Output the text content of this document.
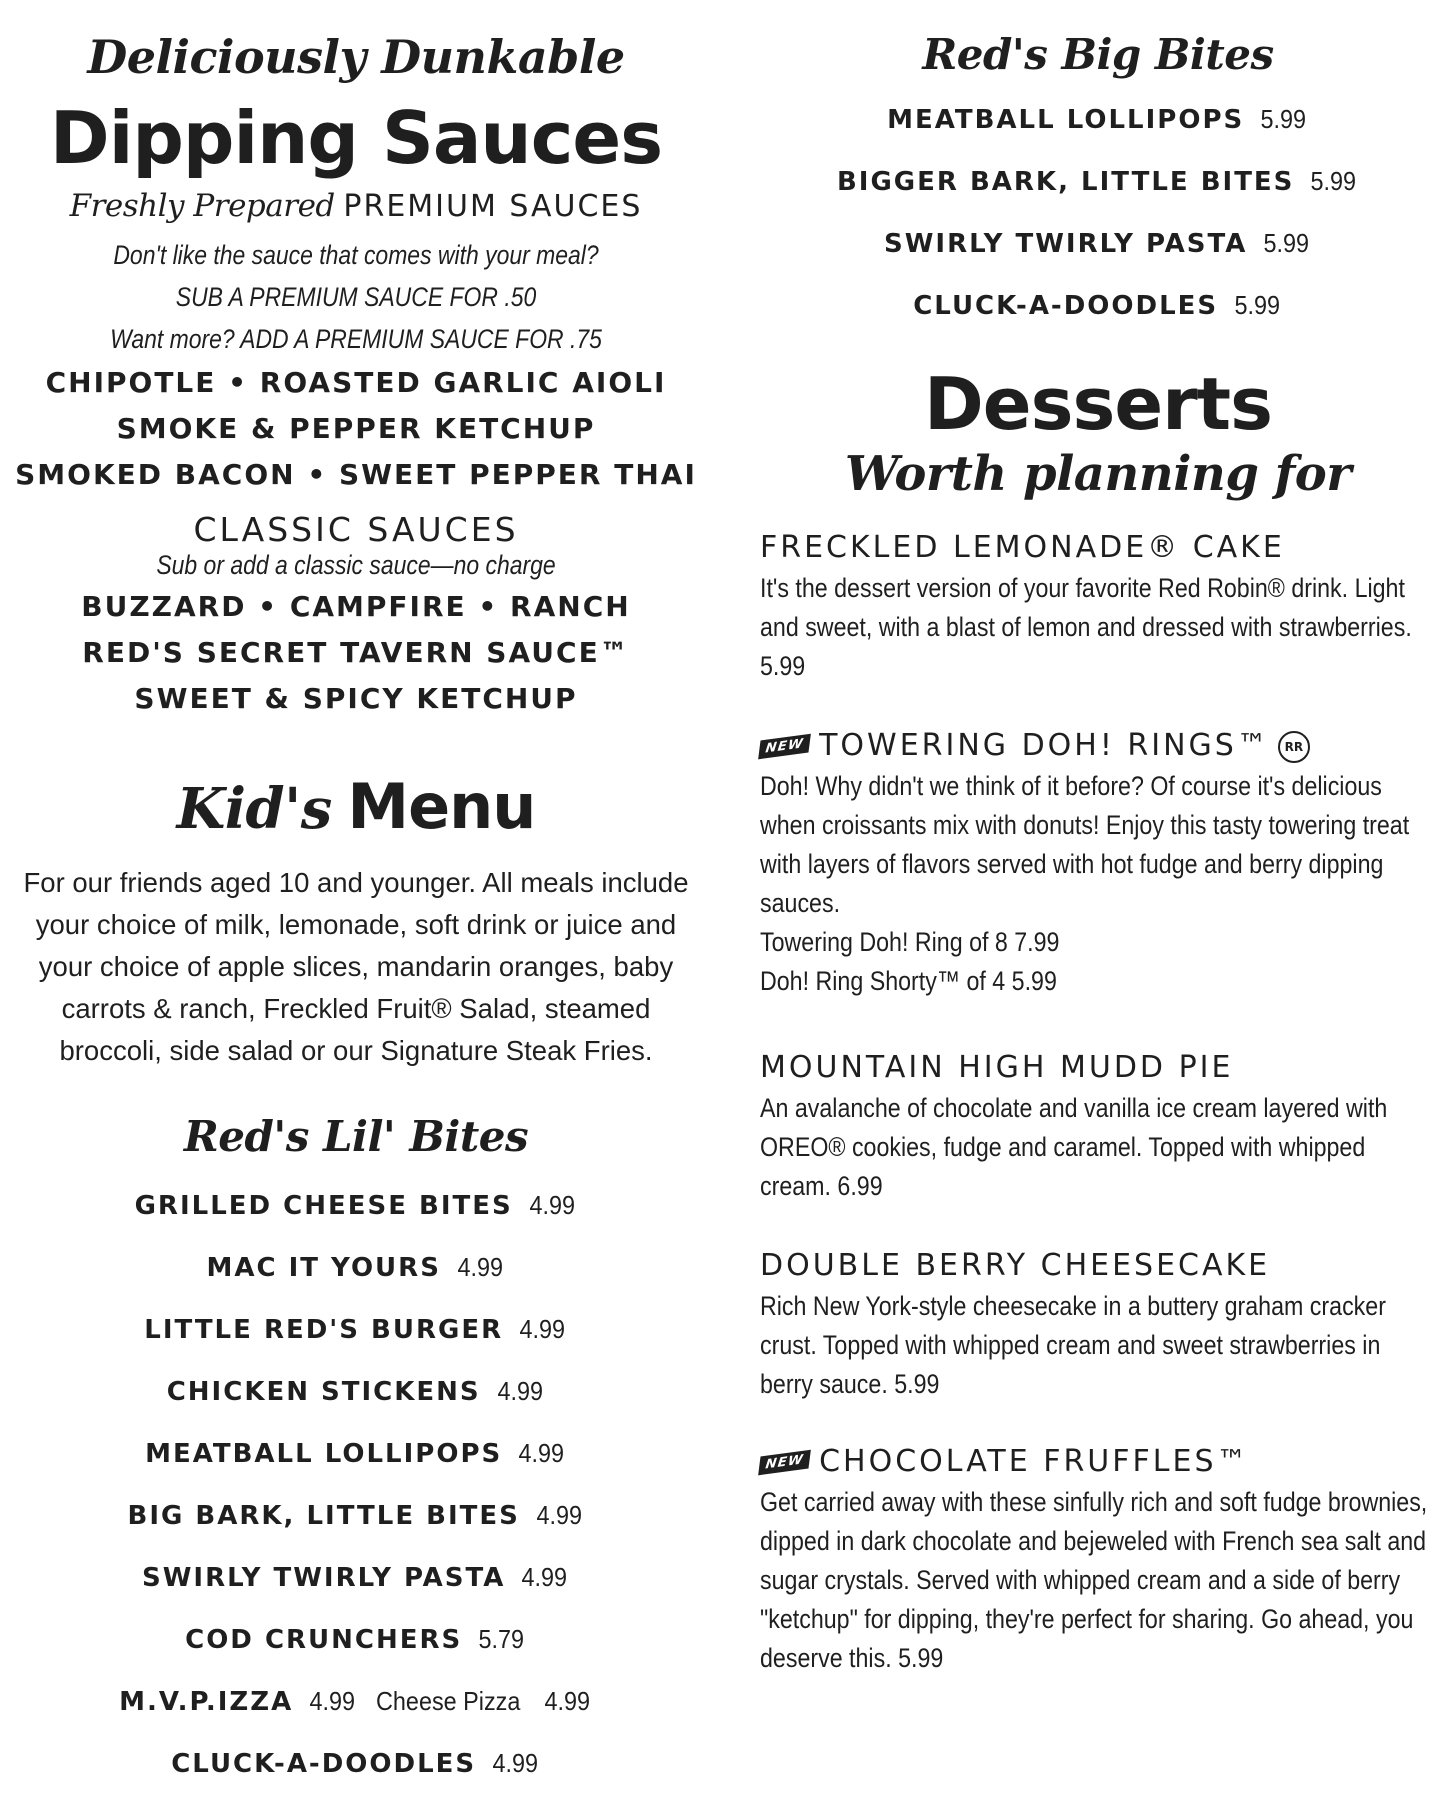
Deliciously Dunkable
Dipping Sauces
Freshly Prepared PREMIUM SAUCES
Don't like the sauce that comes with your meal?
SUB A PREMIUM SAUCE FOR .50
Want more? ADD A PREMIUM SAUCE FOR .75
CHIPOTLE • ROASTED GARLIC AIOLI
SMOKE & PEPPER KETCHUP
SMOKED BACON • SWEET PEPPER THAI
CLASSIC SAUCES
Sub or add a classic sauce—no charge
BUZZARD • CAMPFIRE • RANCH
RED'S SECRET TAVERN SAUCE™
SWEET & SPICY KETCHUP
Kid's Menu
For our friends aged 10 and younger. All meals include your choice of milk, lemonade, soft drink or juice and your choice of apple slices, mandarin oranges, baby carrots & ranch, Freckled Fruit® Salad, steamed broccoli, side salad or our Signature Steak Fries.
Red's Lil' Bites
GRILLED CHEESE BITES 4.99
MAC IT YOURS 4.99
LITTLE RED'S BURGER 4.99
CHICKEN STICKENS 4.99
MEATBALL LOLLIPOPS 4.99
BIG BARK, LITTLE BITES 4.99
SWIRLY TWIRLY PASTA 4.99
COD CRUNCHERS 5.79
M.V.P.IZZA 4.99 Cheese Pizza 4.99
CLUCK-A-DOODLES 4.99
Red's Big Bites
MEATBALL LOLLIPOPS 5.99
BIGGER BARK, LITTLE BITES 5.99
SWIRLY TWIRLY PASTA 5.99
CLUCK-A-DOODLES 5.99
Desserts
Worth planning for
FRECKLED LEMONADE® CAKE

It's the dessert version of your favorite Red Robin® drink. Light and sweet, with a blast of lemon and dressed with strawberries. 5.99

NEW TOWERING DOH! RINGS™ RR

Doh! Why didn't we think of it before? Of course it's delicious when croissants mix with donuts! Enjoy this tasty towering treat with layers of flavors served with hot fudge and berry dipping sauces.

Towering Doh! Ring of 8 7.99

Doh! Ring Shorty™ of 4 5.99

MOUNTAIN HIGH MUDD PIE

An avalanche of chocolate and vanilla ice cream layered with OREO® cookies, fudge and caramel. Topped with whipped cream. 6.99

DOUBLE BERRY CHEESECAKE

Rich New York-style cheesecake in a buttery graham cracker crust. Topped with whipped cream and sweet strawberries in berry sauce. 5.99

NEW CHOCOLATE FRUFFLES™

Get carried away with these sinfully rich and soft fudge brownies, dipped in dark chocolate and bejeweled with French sea salt and sugar crystals. Served with whipped cream and a side of berry "ketchup" for dipping, they're perfect for sharing. Go ahead, you deserve this. 5.99
